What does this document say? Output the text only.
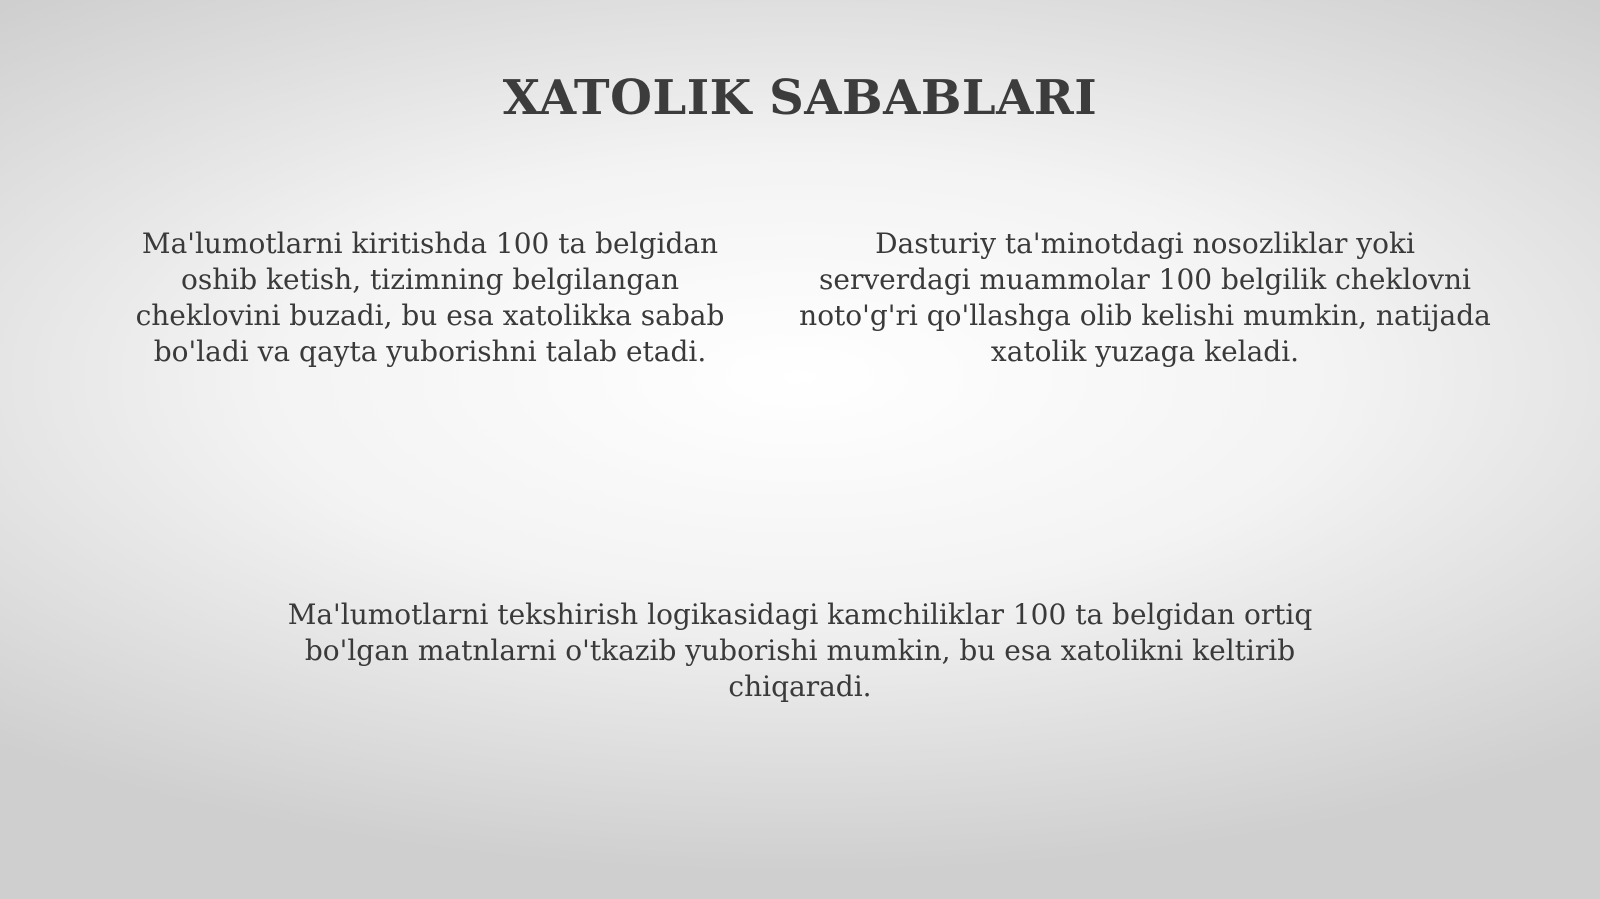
XATOLIK SABABLARI
Ma'lumotlarni kiritishda 100 ta belgidan oshib ketish, tizimning belgilangan cheklovini buzadi, bu esa xatolikka sabab bo'ladi va qayta yuborishni talab etadi.
Dasturiy ta'minotdagi nosozliklar yoki serverdagi muammolar 100 belgilik cheklovni noto'g'ri qo'llashga olib kelishi mumkin, natijada xatolik yuzaga keladi.
Ma'lumotlarni tekshirish logikasidagi kamchiliklar 100 ta belgidan ortiq bo'lgan matnlarni o'tkazib yuborishi mumkin, bu esa xatolikni keltirib chiqaradi.
